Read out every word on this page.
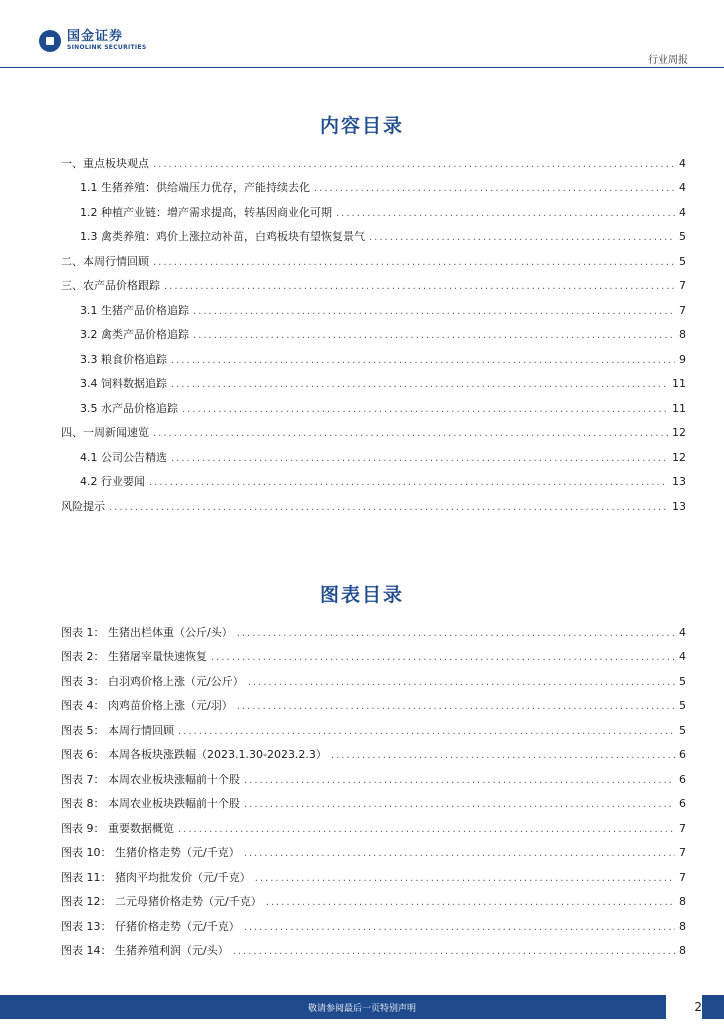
国金证券
SINOLINK SECURITIES
行业周报
内容目录
一、重点板块观点 .....	4
1.1 生猪养殖：供给端压力优存，产能持续去化 .....	4
1.2 种植产业链：增产需求提高，转基因商业化可期 .....	4
1.3 禽类养殖：鸡价上涨拉动补苗，白鸡板块有望恢复景气 .....	5
二、本周行情回顾 .....	5
三、农产品价格跟踪 .....	7
3.1 生猪产品价格追踪 .....	7
3.2 禽类产品价格追踪 .....	8
3.3 粮食价格追踪 .....	9
3.4 饲料数据追踪 .....	11
3.5 水产品价格追踪 .....	11
四、一周新闻速览 .....	12
4.1 公司公告精选 .....	12
4.2 行业要闻 .....	13
风险提示 .....	13
图表目录
图表 1： 生猪出栏体重（公斤/头） .....	4
图表 2： 生猪屠宰量快速恢复 .....	4
图表 3： 白羽鸡价格上涨（元/公斤） .....	5
图表 4： 肉鸡苗价格上涨（元/羽） .....	5
图表 5： 本周行情回顾 .....	5
图表 6： 本周各板块涨跌幅（2023.1.30-2023.2.3） .....	6
图表 7： 本周农业板块涨幅前十个股 .....	6
图表 8： 本周农业板块跌幅前十个股 .....	6
图表 9： 重要数据概览 .....	7
图表 10： 生猪价格走势（元/千克） .....	7
图表 11： 猪肉平均批发价（元/千克） .....	7
图表 12： 二元母猪价格走势（元/千克） .....	8
图表 13： 仔猪价格走势（元/千克） .....	8
图表 14： 生猪养殖利润（元/头） .....	8
敬请参阅最后一页特别声明	2
